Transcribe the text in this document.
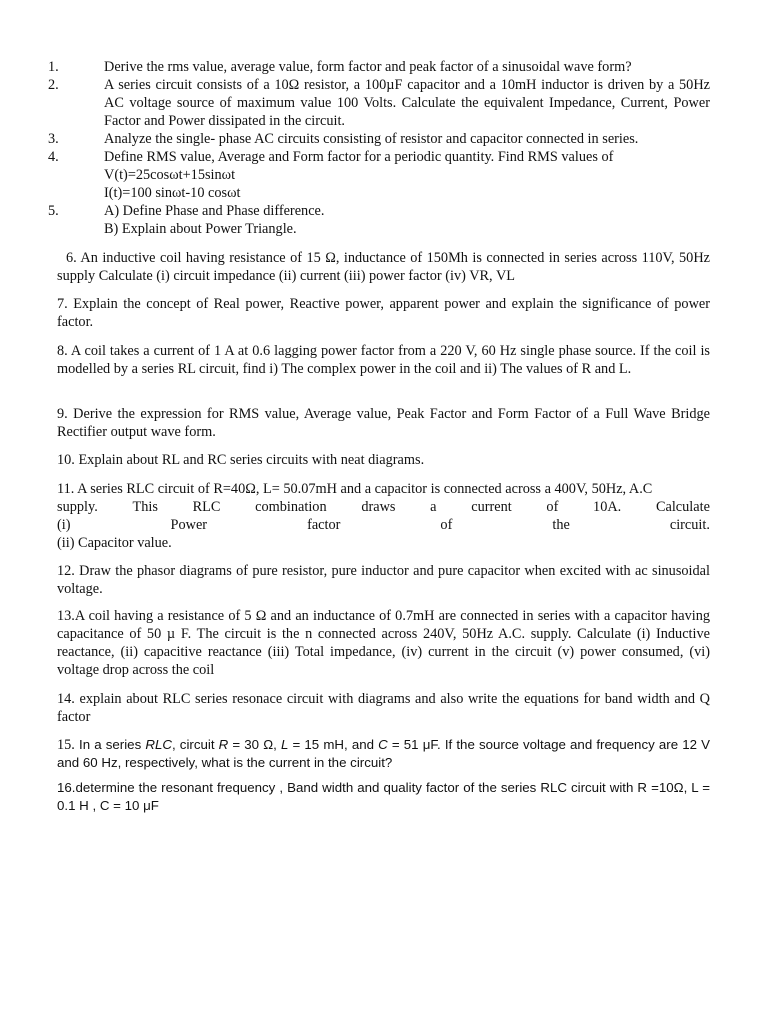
1.	Derive the rms value, average value, form factor and peak factor of a sinusoidal wave form?
2.	A series circuit consists of a 10Ω resistor, a 100µF capacitor and a 10mH inductor is driven by a 50Hz AC voltage source of maximum value 100 Volts. Calculate the equivalent Impedance, Current, Power Factor and Power dissipated in the circuit.
3.	Analyze the single- phase AC circuits consisting of resistor and capacitor connected in series.
4.	Define RMS value, Average and Form factor for a periodic quantity. Find RMS values of
V(t)=25cosωt+15sinωt
I(t)=100 sinωt-10 cosωt
5.	A) Define Phase and Phase difference.
B) Explain about Power Triangle.

6. An inductive coil having resistance of 15 Ω, inductance of 150Mh is connected in series across 110V, 50Hz supply Calculate (i) circuit impedance (ii) current (iii) power factor (iv) VR, VL

7. Explain the concept of Real power, Reactive power, apparent power and explain the significance of power factor.

8. A coil takes a current of 1 A at 0.6 lagging power factor from a 220 V, 60 Hz single phase source. If the coil is modelled by a series RL circuit, find i) The complex power in the coil and ii) The values of R and L.

9. Derive the expression for RMS value, Average value, Peak Factor and Form Factor of a Full Wave Bridge Rectifier output wave form.

10. Explain about RL and RC series circuits with neat diagrams.

11. A series RLC circuit of R=40Ω, L= 50.07mH and a capacitor is connected across a 400V, 50Hz, A.C
supply. This RLC combination draws a current of 10A. Calculate
(i)	Power	factor	of	the	circuit.
(ii) Capacitor value.

12. Draw the phasor diagrams of pure resistor, pure inductor and pure capacitor when excited with ac sinusoidal voltage.

13.A coil having a resistance of 5 Ω and an inductance of 0.7mH are connected in series with a capacitor having capacitance of 50 µ F. The circuit is the n connected across 240V, 50Hz A.C. supply. Calculate (i) Inductive reactance, (ii) capacitive reactance (iii) Total impedance, (iv) current in the circuit (v) power consumed, (vi) voltage drop across the coil

14. explain about RLC series resonace circuit with diagrams and also write the equations for band width and Q factor

15. In a series RLC, circuit R = 30 Ω, L = 15 mH, and C = 51 μF. If the source voltage and frequency are 12 V and 60 Hz, respectively, what is the current in the circuit?

16.determine the resonant frequency , Band width and quality factor of the series RLC circuit with R =10Ω, L = 0.1 H , C = 10 μF
